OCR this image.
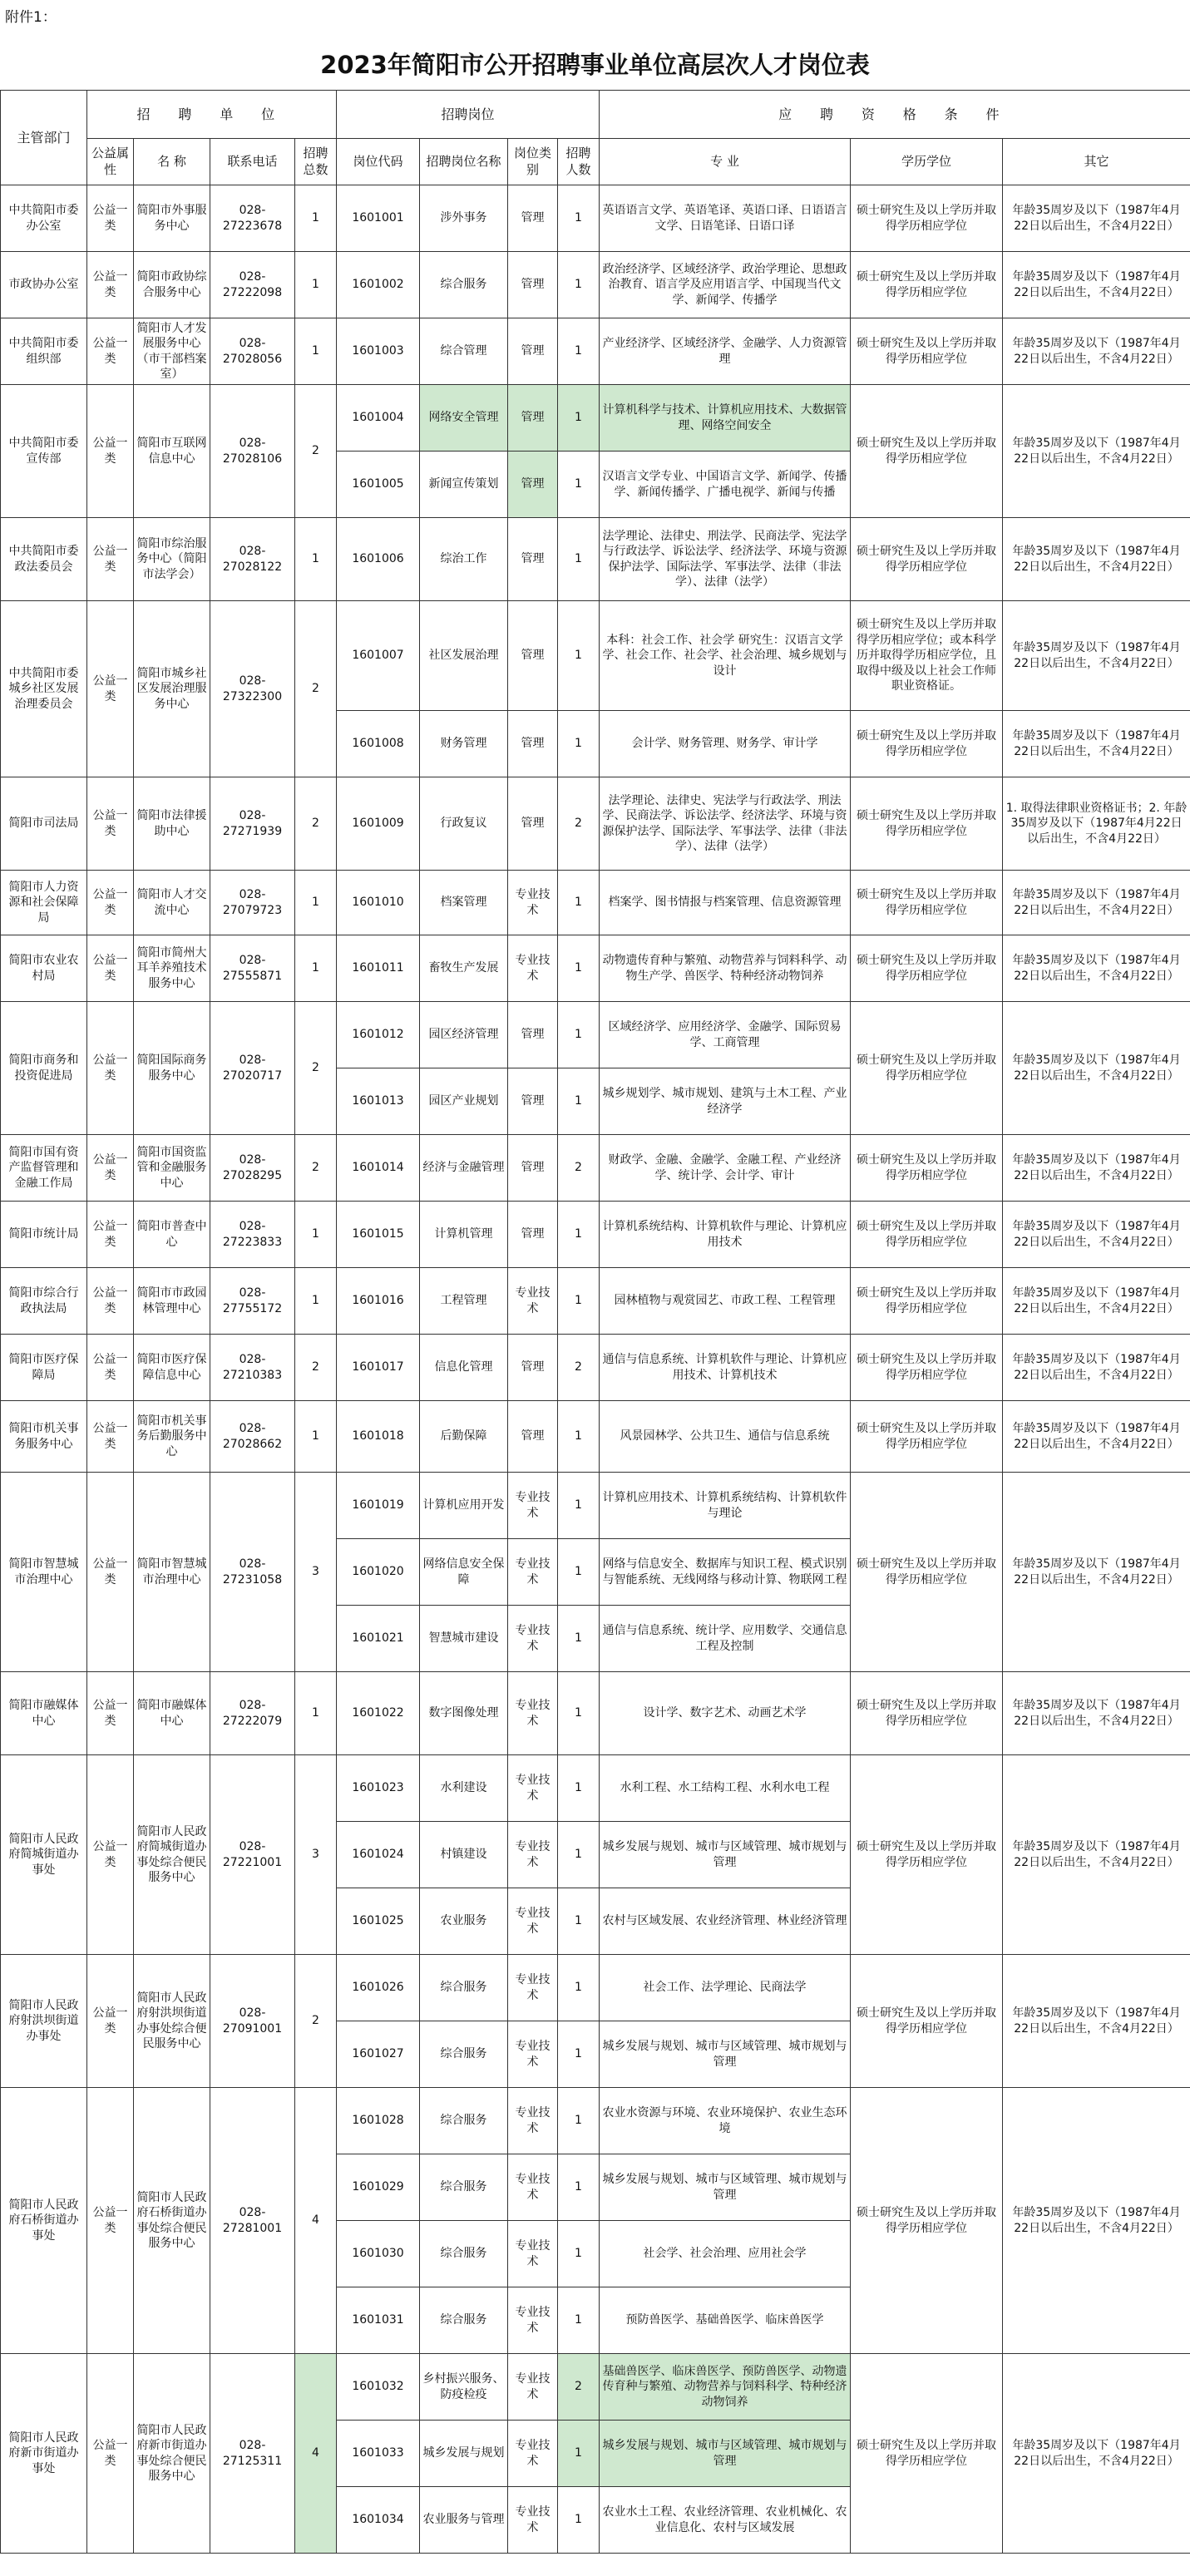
附件1：
2023年简阳市公开招聘事业单位高层次人才岗位表
主管部门	招 聘 单 位				招聘岗位				应 聘 资 格 条 件		
	公益属性	名 称	联系电话	招聘总数	岗位代码	招聘岗位名称	岗位类别	招聘人数	专 业	学历学位	其它
中共简阳市委办公室	公益一类	简阳市外事服务中心	028-27223678	1	1601001	涉外事务	管理	1	英语语言文学、英语笔译、英语口译、日语语言文学、日语笔译、日语口译	硕士研究生及以上学历并取得学历相应学位	年龄35周岁及以下（1987年4月22日以后出生，不含4月22日）
市政协办公室	公益一类	简阳市政协综合服务中心	028-27222098	1	1601002	综合服务	管理	1	政治经济学、区域经济学、政治学理论、思想政治教育、语言学及应用语言学、中国现当代文学、新闻学、传播学	硕士研究生及以上学历并取得学历相应学位	年龄35周岁及以下（1987年4月22日以后出生，不含4月22日）
中共简阳市委组织部	公益一类	简阳市人才发展服务中心（市干部档案室）	028-27028056	1	1601003	综合管理	管理	1	产业经济学、区域经济学、金融学、人力资源管理	硕士研究生及以上学历并取得学历相应学位	年龄35周岁及以下（1987年4月22日以后出生，不含4月22日）
中共简阳市委宣传部	公益一类	简阳市互联网信息中心	028-27028106	2	1601004	网络安全管理	管理	1	计算机科学与技术、计算机应用技术、大数据管理、网络空间安全	硕士研究生及以上学历并取得学历相应学位	年龄35周岁及以下（1987年4月22日以后出生，不含4月22日）
					1601005	新闻宣传策划	管理	1	汉语言文学专业、中国语言文学、新闻学、传播学、新闻传播学、广播电视学、新闻与传播		
中共简阳市委政法委员会	公益一类	简阳市综治服务中心（简阳市法学会）	028-27028122	1	1601006	综治工作	管理	1	法学理论、法律史、刑法学、民商法学、宪法学与行政法学、诉讼法学、经济法学、环境与资源保护法学、国际法学、军事法学、法律（非法学）、法律（法学）	硕士研究生及以上学历并取得学历相应学位	年龄35周岁及以下（1987年4月22日以后出生，不含4月22日）
中共简阳市委城乡社区发展治理委员会	公益一类	简阳市城乡社区发展治理服务中心	028-27322300	2	1601007	社区发展治理	管理	1	本科：社会工作、社会学 研究生：汉语言文学学、社会工作、社会学、社会治理、城乡规划与设计	硕士研究生及以上学历并取得学历相应学位；或本科学历并取得学历相应学位，且取得中级及以上社会工作师职业资格证。	年龄35周岁及以下（1987年4月22日以后出生，不含4月22日）
					1601008	财务管理	管理	1	会计学、财务管理、财务学、审计学	硕士研究生及以上学历并取得学历相应学位	年龄35周岁及以下（1987年4月22日以后出生，不含4月22日）
简阳市司法局	公益一类	简阳市法律援助中心	028-27271939	2	1601009	行政复议	管理	2	法学理论、法律史、宪法学与行政法学、刑法学、民商法学、诉讼法学、经济法学、环境与资源保护法学、国际法学、军事法学、法律（非法学）、法律（法学）	硕士研究生及以上学历并取得学历相应学位	1. 取得法律职业资格证书；2. 年龄35周岁及以下（1987年4月22日以后出生，不含4月22日）
简阳市人力资源和社会保障局	公益一类	简阳市人才交流中心	028-27079723	1	1601010	档案管理	专业技术	1	档案学、图书情报与档案管理、信息资源管理	硕士研究生及以上学历并取得学历相应学位	年龄35周岁及以下（1987年4月22日以后出生，不含4月22日）
简阳市农业农村局	公益一类	简阳市简州大耳羊养殖技术服务中心	028-27555871	1	1601011	畜牧生产发展	专业技术	1	动物遗传育种与繁殖、动物营养与饲料科学、动物生产学、兽医学、特种经济动物饲养	硕士研究生及以上学历并取得学历相应学位	年龄35周岁及以下（1987年4月22日以后出生，不含4月22日）
简阳市商务和投资促进局	公益一类	简阳国际商务服务中心	028-27020717	2	1601012	园区经济管理	管理	1	区域经济学、应用经济学、金融学、国际贸易学、工商管理	硕士研究生及以上学历并取得学历相应学位	年龄35周岁及以下（1987年4月22日以后出生，不含4月22日）
					1601013	园区产业规划	管理	1	城乡规划学、城市规划、建筑与土木工程、产业经济学		
简阳市国有资产监督管理和金融工作局	公益一类	简阳市国资监管和金融服务中心	028-27028295	2	1601014	经济与金融管理	管理	2	财政学、金融、金融学、金融工程、产业经济学、统计学、会计学、审计	硕士研究生及以上学历并取得学历相应学位	年龄35周岁及以下（1987年4月22日以后出生，不含4月22日）
简阳市统计局	公益一类	简阳市普查中心	028-27223833	1	1601015	计算机管理	管理	1	计算机系统结构、计算机软件与理论、计算机应用技术	硕士研究生及以上学历并取得学历相应学位	年龄35周岁及以下（1987年4月22日以后出生，不含4月22日）
简阳市综合行政执法局	公益一类	简阳市市政园林管理中心	028-27755172	1	1601016	工程管理	专业技术	1	园林植物与观赏园艺、市政工程、工程管理	硕士研究生及以上学历并取得学历相应学位	年龄35周岁及以下（1987年4月22日以后出生，不含4月22日）
简阳市医疗保障局	公益一类	简阳市医疗保障信息中心	028-27210383	2	1601017	信息化管理	管理	2	通信与信息系统、计算机软件与理论、计算机应用技术、计算机技术	硕士研究生及以上学历并取得学历相应学位	年龄35周岁及以下（1987年4月22日以后出生，不含4月22日）
简阳市机关事务服务中心	公益一类	简阳市机关事务后勤服务中心	028-27028662	1	1601018	后勤保障	管理	1	风景园林学、公共卫生、通信与信息系统	硕士研究生及以上学历并取得学历相应学位	年龄35周岁及以下（1987年4月22日以后出生，不含4月22日）
简阳市智慧城市治理中心	公益一类	简阳市智慧城市治理中心	028-27231058	3	1601019	计算机应用开发	专业技术	1	计算机应用技术、计算机系统结构、计算机软件与理论	硕士研究生及以上学历并取得学历相应学位	年龄35周岁及以下（1987年4月22日以后出生，不含4月22日）
					1601020	网络信息安全保障	专业技术	1	网络与信息安全、数据库与知识工程、模式识别与智能系统、无线网络与移动计算、物联网工程		
					1601021	智慧城市建设	专业技术	1	通信与信息系统、统计学、应用数学、交通信息工程及控制		
简阳市融媒体中心	公益一类	简阳市融媒体中心	028-27222079	1	1601022	数字图像处理	专业技术	1	设计学、数字艺术、动画艺术学	硕士研究生及以上学历并取得学历相应学位	年龄35周岁及以下（1987年4月22日以后出生，不含4月22日）
简阳市人民政府简城街道办事处	公益一类	简阳市人民政府简城街道办事处综合便民服务中心	028-27221001	3	1601023	水利建设	专业技术	1	水利工程、水工结构工程、水利水电工程	硕士研究生及以上学历并取得学历相应学位	年龄35周岁及以下（1987年4月22日以后出生，不含4月22日）
					1601024	村镇建设	专业技术	1	城乡发展与规划、城市与区域管理、城市规划与管理		
					1601025	农业服务	专业技术	1	农村与区域发展、农业经济管理、林业经济管理		
简阳市人民政府射洪坝街道办事处	公益一类	简阳市人民政府射洪坝街道办事处综合便民服务中心	028-27091001	2	1601026	综合服务	专业技术	1	社会工作、法学理论、民商法学	硕士研究生及以上学历并取得学历相应学位	年龄35周岁及以下（1987年4月22日以后出生，不含4月22日）
					1601027	综合服务	专业技术	1	城乡发展与规划、城市与区域管理、城市规划与管理		
简阳市人民政府石桥街道办事处	公益一类	简阳市人民政府石桥街道办事处综合便民服务中心	028-27281001	4	1601028	综合服务	专业技术	1	农业水资源与环境、农业环境保护、农业生态环境	硕士研究生及以上学历并取得学历相应学位	年龄35周岁及以下（1987年4月22日以后出生，不含4月22日）
					1601029	综合服务	专业技术	1	城乡发展与规划、城市与区域管理、城市规划与管理		
					1601030	综合服务	专业技术	1	社会学、社会治理、应用社会学		
					1601031	综合服务	专业技术	1	预防兽医学、基础兽医学、临床兽医学		
简阳市人民政府新市街道办事处	公益一类	简阳市人民政府新市街道办事处综合便民服务中心	028-27125311	4	1601032	乡村振兴服务、防疫检疫	专业技术	2	基础兽医学、临床兽医学、预防兽医学、动物遗传育种与繁殖、动物营养与饲料科学、特种经济动物饲养	硕士研究生及以上学历并取得学历相应学位	年龄35周岁及以下（1987年4月22日以后出生，不含4月22日）
					1601033	城乡发展与规划	专业技术	1	城乡发展与规划、城市与区域管理、城市规划与管理		
					1601034	农业服务与管理	专业技术	1	农业水土工程、农业经济管理、农业机械化、农业信息化、农村与区域发展		
